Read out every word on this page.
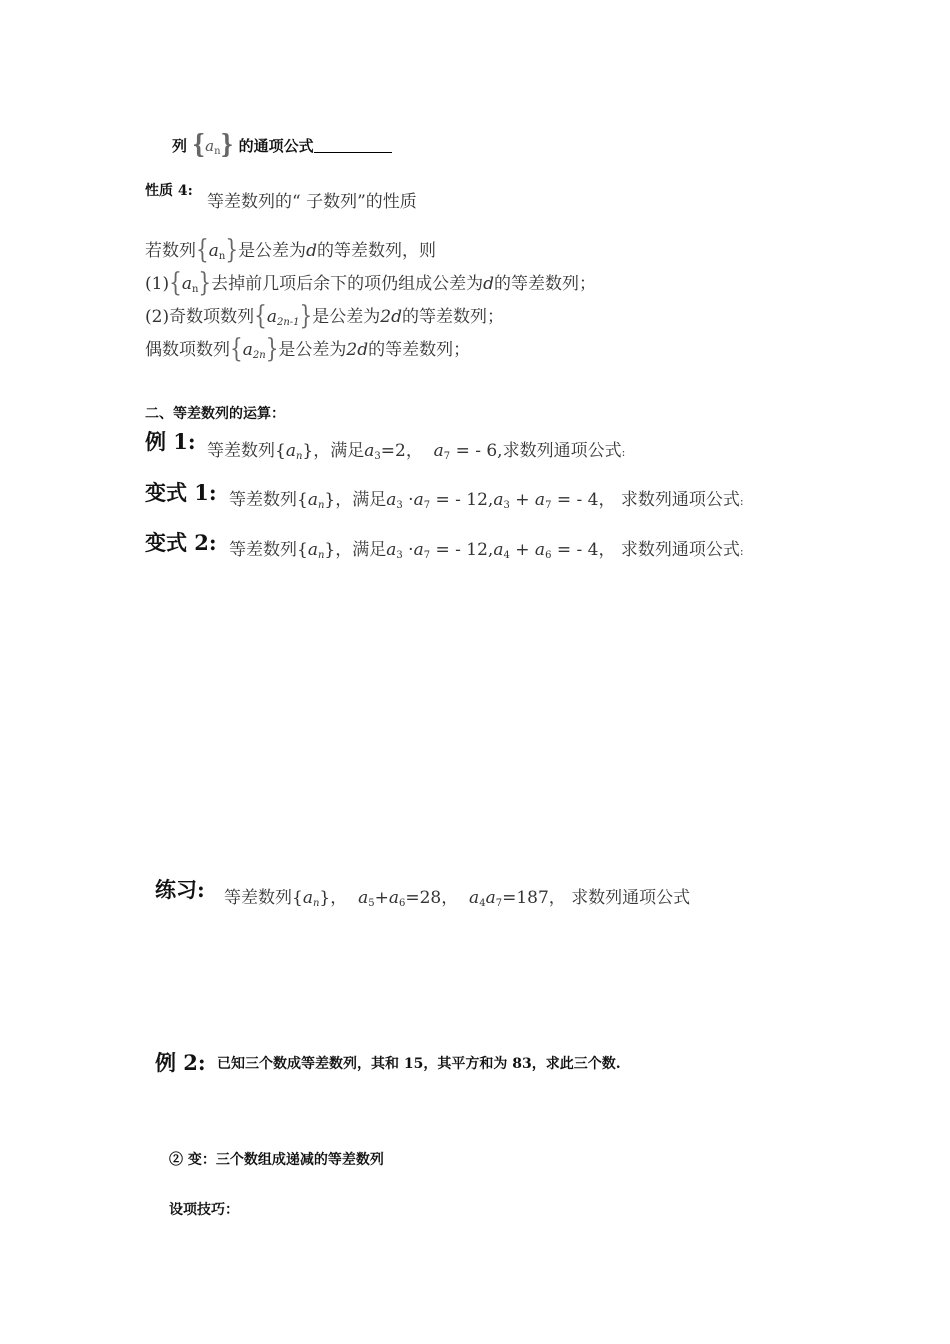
列 $\{a_n\}$ 的通项公式
性质 4:
等差数列的“ 子数列”的性质
若数列$\{a_n\}$是公差为d的等差数列，则
$(1)\{a_n\}$去掉前几项后余下的项仍组成公差为d的等差数列；
(2)奇数项数列$\{a_{2n-1}\}$是公差为2d的等差数列；
偶数项数列$\{a_{2n}\}$是公差为2d的等差数列；
二、等差数列的运算：
例 1: 等差数列$\{a_n\}$，满足$a_3=2$， $a_7$ = - 6,求数列通项公式:
变式 1: 等差数列$\{a_n\}$，满足$a_3 \cdot a_7$ = - $12,a_3 + a_7$ = - 4， 求数列通项公式:
变式 2: 等差数列$\{a_n\}$，满足$a_3 \cdot a_7$ = - $12,a_4 + a_6$ = - 4， 求数列通项公式:
练习: 等差数列$\{a_n\}$， $a_5+a_6=28$， $a_4a_7=187$， 求数列通项公式
例 2: 已知三个数成等差数列，其和 15，其平方和为 83，求此三个数.
② 变：三个数组成递减的等差数列
设项技巧：
